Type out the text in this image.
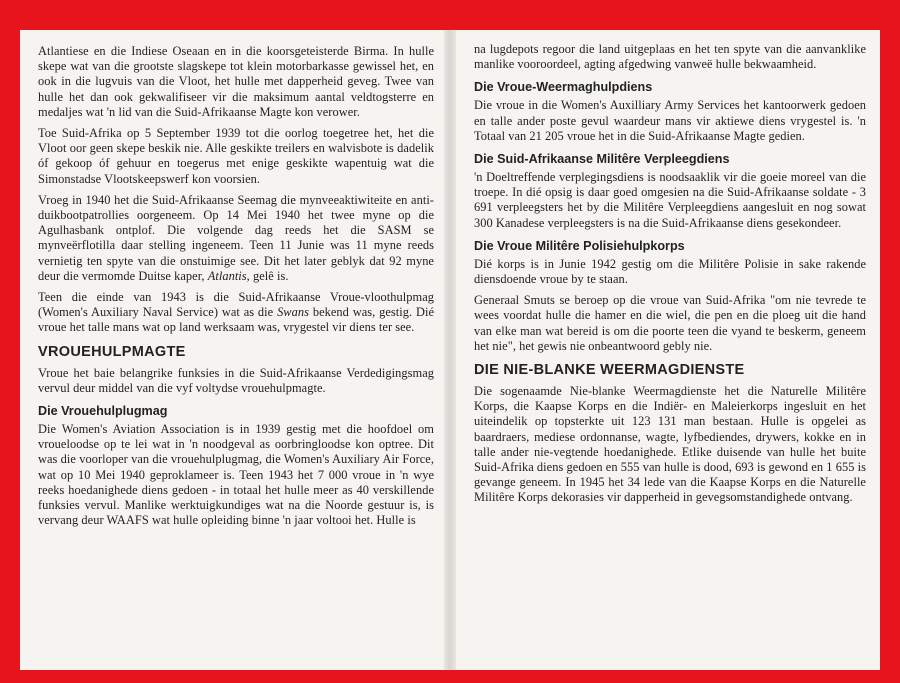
Atlantiese en die Indiese Oseaan en in die koorsgeteisterde Birma. In hulle skepe wat van die grootste slagskepe tot klein motorbarkasse gewissel het, en ook in die lugvuis van die Vloot, het hulle met dapperheid geveg. Twee van hulle het dan ook gekwalifiseer vir die maksimum aantal veldtogsterre en medaljes wat 'n lid van die Suid-Afrikaanse Magte kon verower.

Toe Suid-Afrika op 5 September 1939 tot die oorlog toegetree het, het die Vloot oor geen skepe beskik nie. Alle geskikte treilers en walvisbote is dadelik óf gekoop óf gehuur en toegerus met enige geskikte wapentuig wat die Simonstadse Vlootskeepswerf kon voorsien.

Vroeg in 1940 het die Suid-Afrikaanse Seemag die mynveeaktiwiteite en anti-duikbootpatrollies oorgeneem. Op 14 Mei 1940 het twee myne op die Agulhasbank ontplof. Die volgende dag reeds het die SASM se mynveërflotilla daar stelling ingeneem. Teen 11 Junie was 11 myne reeds vernietig ten spyte van die onstuimige see. Dit het later geblyk dat 92 myne deur die vermomde Duitse kaper, Atlantis, gelê is.

Teen die einde van 1943 is die Suid-Afrikaanse Vroue-vloothulpmag (Women's Auxiliary Naval Service) wat as die Swans bekend was, gestig. Dié vroue het talle mans wat op land werksaam was, vrygestel vir diens ter see.

VROUEHULPMAGTE

Vroue het baie belangrike funksies in die Suid-Afrikaanse Verdedigingsmag vervul deur middel van die vyf voltydse vrouehulpmagte.

Die Vrouehulplugmag

Die Women's Aviation Association is in 1939 gestig met die hoofdoel om vroueloodse op te lei wat in 'n noodgeval as oorbringloodse kon optree. Dit was die voorloper van die vrouehulplugmag, die Women's Auxiliary Air Force, wat op 10 Mei 1940 geproklameer is. Teen 1943 het 7 000 vroue in 'n wye reeks hoedanighede diens gedoen - in totaal het hulle meer as 40 verskillende funksies vervul. Manlike werktuigkundiges wat na die Noorde gestuur is, is vervang deur WAAFS wat hulle opleiding binne 'n jaar voltooi het. Hulle is

na lugdepots regoor die land uitgeplaas en het ten spyte van die aanvanklike manlike vooroordeel, agting afgedwing vanweë hulle bekwaamheid.

Die Vroue-Weermaghulpdiens

Die vroue in die Women's Auxilliary Army Services het kantoorwerk gedoen en talle ander poste gevul waardeur mans vir aktiewe diens vrygestel is. 'n Totaal van 21 205 vroue het in die Suid-Afrikaanse Magte gedien.

Die Suid-Afrikaanse Militêre Verpleegdiens

'n Doeltreffende verplegingsdiens is noodsaaklik vir die goeie moreel van die troepe. In dié opsig is daar goed omgesien na die Suid-Afrikaanse soldate - 3 691 verpleegsters het by die Militêre Verpleegdiens aangesluit en nog sowat 300 Kanadese verpleegsters is na die Suid-Afrikaanse diens gesekondeer.

Die Vroue Militêre Polisiehulpkorps

Dié korps is in Junie 1942 gestig om die Militêre Polisie in sake rakende diensdoende vroue by te staan.

Generaal Smuts se beroep op die vroue van Suid-Afrika "om nie tevrede te wees voordat hulle die hamer en die wiel, die pen en die ploeg uit die hand van elke man wat bereid is om die poorte teen die vyand te beskerm, geneem het nie", het gewis nie onbeantwoord gebly nie.

DIE NIE-BLANKE WEERMAGDIENSTE

Die sogenaamde Nie-blanke Weermagdienste het die Naturelle Militêre Korps, die Kaapse Korps en die Indiër- en Maleierkorps ingesluit en het uiteindelik op topsterkte uit 123 131 man bestaan. Hulle is opgelei as baardraers, mediese ordonnanse, wagte, lyfbediendes, drywers, kokke en in talle ander nie-vegtende hoedanighede. Etlike duisende van hulle het buite Suid-Afrika diens gedoen en 555 van hulle is dood, 693 is gewond en 1 655 is gevange geneem. In 1945 het 34 lede van die Kaapse Korps en die Naturelle Militêre Korps dekorasies vir dapperheid in gevegsomstandighede ontvang.
